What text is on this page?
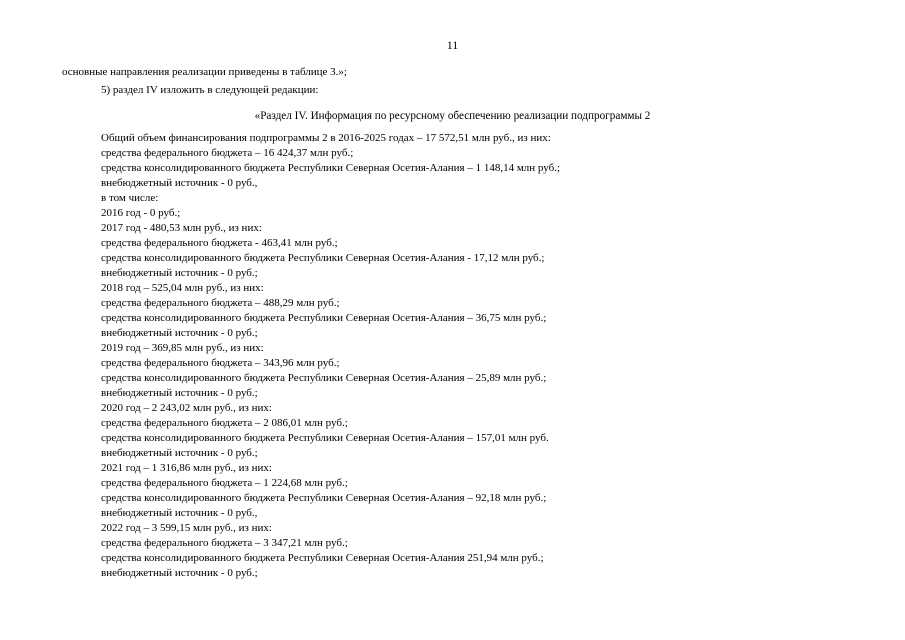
11
основные направления реализации приведены в таблице 3.»;
5) раздел IV изложить в следующей редакции:
«Раздел IV. Информация по ресурсному обеспечению реализации подпрограммы 2
Общий объем финансирования подпрограммы 2 в 2016-2025 годах – 17 572,51 млн руб., из них:
средства федерального бюджета – 16 424,37 млн руб.;
средства консолидированного бюджета Республики Северная Осетия-Алания – 1 148,14 млн руб.;
внебюджетный источник - 0 руб.,
в том числе:
2016 год - 0 руб.;
2017 год - 480,53 млн руб., из них:
средства федерального бюджета - 463,41 млн руб.;
средства консолидированного бюджета Республики Северная Осетия-Алания - 17,12 млн руб.;
внебюджетный источник - 0 руб.;
2018 год – 525,04 млн руб., из них:
средства федерального бюджета – 488,29 млн руб.;
средства консолидированного бюджета Республики Северная Осетия-Алания – 36,75 млн руб.;
внебюджетный источник - 0 руб.;
2019 год – 369,85 млн руб., из них:
средства федерального бюджета – 343,96 млн руб.;
средства консолидированного бюджета Республики Северная Осетия-Алания – 25,89 млн руб.;
внебюджетный источник - 0 руб.;
2020 год – 2 243,02 млн руб., из них:
средства федерального бюджета – 2 086,01 млн руб.;
средства консолидированного бюджета Республики Северная Осетия-Алания – 157,01 млн руб.
внебюджетный источник - 0 руб.;
2021 год – 1 316,86 млн руб., из них:
средства федерального бюджета – 1 224,68 млн руб.;
средства консолидированного бюджета Республики Северная Осетия-Алания – 92,18 млн руб.;
внебюджетный источник - 0 руб.,
2022 год – 3 599,15 млн руб., из них:
средства федерального бюджета – 3 347,21 млн руб.;
средства консолидированного бюджета Республики Северная Осетия-Алания 251,94 млн руб.;
внебюджетный источник - 0 руб.;
